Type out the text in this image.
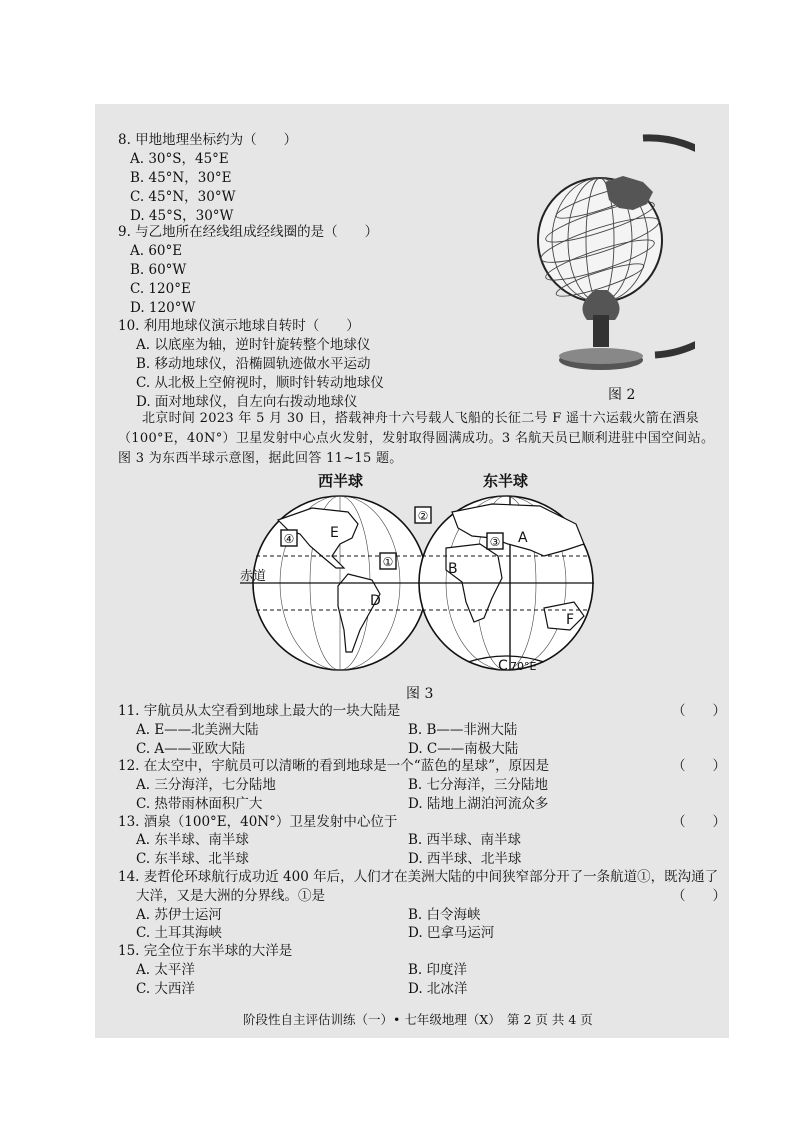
8. 甲地地理坐标约为（　　）
A. 30°S，45°E
B. 45°N，30°E
C. 45°N，30°W
D. 45°S，30°W
9. 与乙地所在经线组成经线圈的是（　　）
A. 60°E
B. 60°W
C. 120°E
D. 120°W
10. 利用地球仪演示地球自转时（　　）
A. 以底座为轴，逆时针旋转整个地球仪
B. 移动地球仪，沿椭圆轨迹做水平运动
C. 从北极上空俯视时，顺时针转动地球仪
D. 面对地球仪，自左向右拨动地球仪	图 2
北京时间 2023 年 5 月 30 日，搭载神舟十六号载人飞船的长征二号 F 遥十六运载火箭在酒泉
（100°E，40N°）卫星发射中心点火发射，发射取得圆满成功。3 名航天员已顺利进驻中国空间站。
图 3 为东西半球示意图，据此回答 11~15 题。
西半球	东半球
赤道
④
①
②
③
E
D
B
A
F
C 70°E
图 3
11. 宇航员从太空看到地球上最大的一块大陆是	（　　）
A. E——北美洲大陆	B. B——非洲大陆
C. A——亚欧大陆	D. C——南极大陆
12. 在太空中，宇航员可以清晰的看到地球是一个“蓝色的星球”，原因是	（　　）
A. 三分海洋，七分陆地	B. 七分海洋，三分陆地
C. 热带雨林面积广大	D. 陆地上湖泊河流众多
13. 酒泉（100°E，40N°）卫星发射中心位于	（　　）
A. 东半球、南半球	B. 西半球、南半球
C. 东半球、北半球	D. 西半球、北半球
14. 麦哲伦环球航行成功近 400 年后，人们才在美洲大陆的中间狭窄部分开了一条航道①，既沟通了
大洋，又是大洲的分界线。①是	（　　）
A. 苏伊士运河	B. 白令海峡
C. 土耳其海峡	D. 巴拿马运河
15. 完全位于东半球的大洋是
A. 太平洋	B. 印度洋
C. 大西洋	D. 北冰洋
阶段性自主评估训练（一）• 七年级地理（X）　第 2 页 共 4 页
